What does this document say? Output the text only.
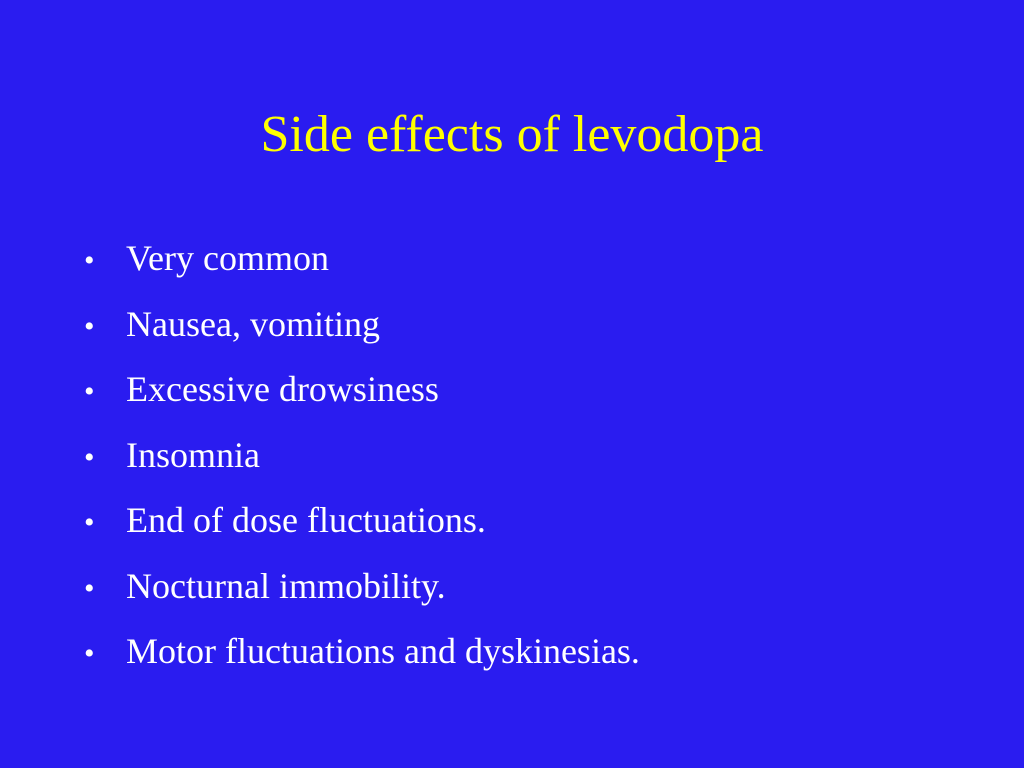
Side effects of levodopa
• Very common
• Nausea, vomiting
• Excessive drowsiness
• Insomnia
• End of dose fluctuations.
• Nocturnal immobility.
• Motor fluctuations and dyskinesias.
